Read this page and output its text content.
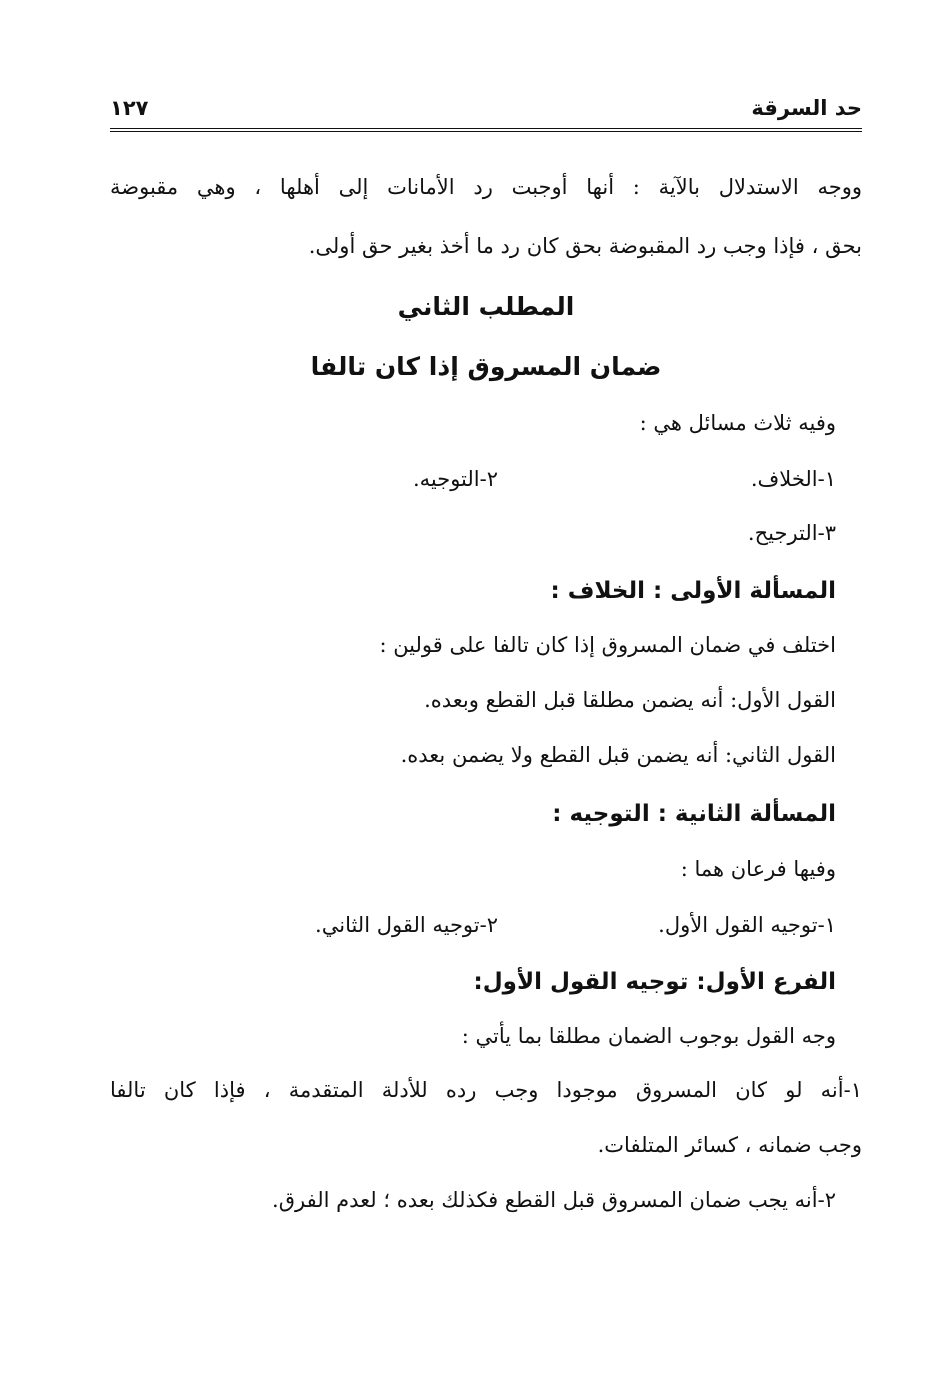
حد السرقة
١٢٧
ووجه الاستدلال بالآية : أنها أوجبت رد الأمانات إلى أهلها ، وهي مقبوضة
بحق ، فإذا وجب رد المقبوضة بحق كان رد ما أخذ بغير حق أولى.
المطلب الثاني
ضمان المسروق إذا كان تالفا
وفيه ثلاث مسائل هي :
١-الخلاف.
٢-التوجيه.
٣-الترجيح.
المسألة الأولى : الخلاف :
اختلف في ضمان المسروق إذا كان تالفا على قولين :
القول الأول: أنه يضمن مطلقا قبل القطع وبعده.
القول الثاني: أنه يضمن قبل القطع ولا يضمن بعده.
المسألة الثانية : التوجيه :
وفيها فرعان هما :
١-توجيه القول الأول.
٢-توجيه القول الثاني.
الفرع الأول: توجيه القول الأول:
وجه القول بوجوب الضمان مطلقا بما يأتي :
١-أنه لو كان المسروق موجودا وجب رده للأدلة المتقدمة ، فإذا كان تالفا
وجب ضمانه ، كسائر المتلفات.
٢-أنه يجب ضمان المسروق قبل القطع فكذلك بعده ؛ لعدم الفرق.
